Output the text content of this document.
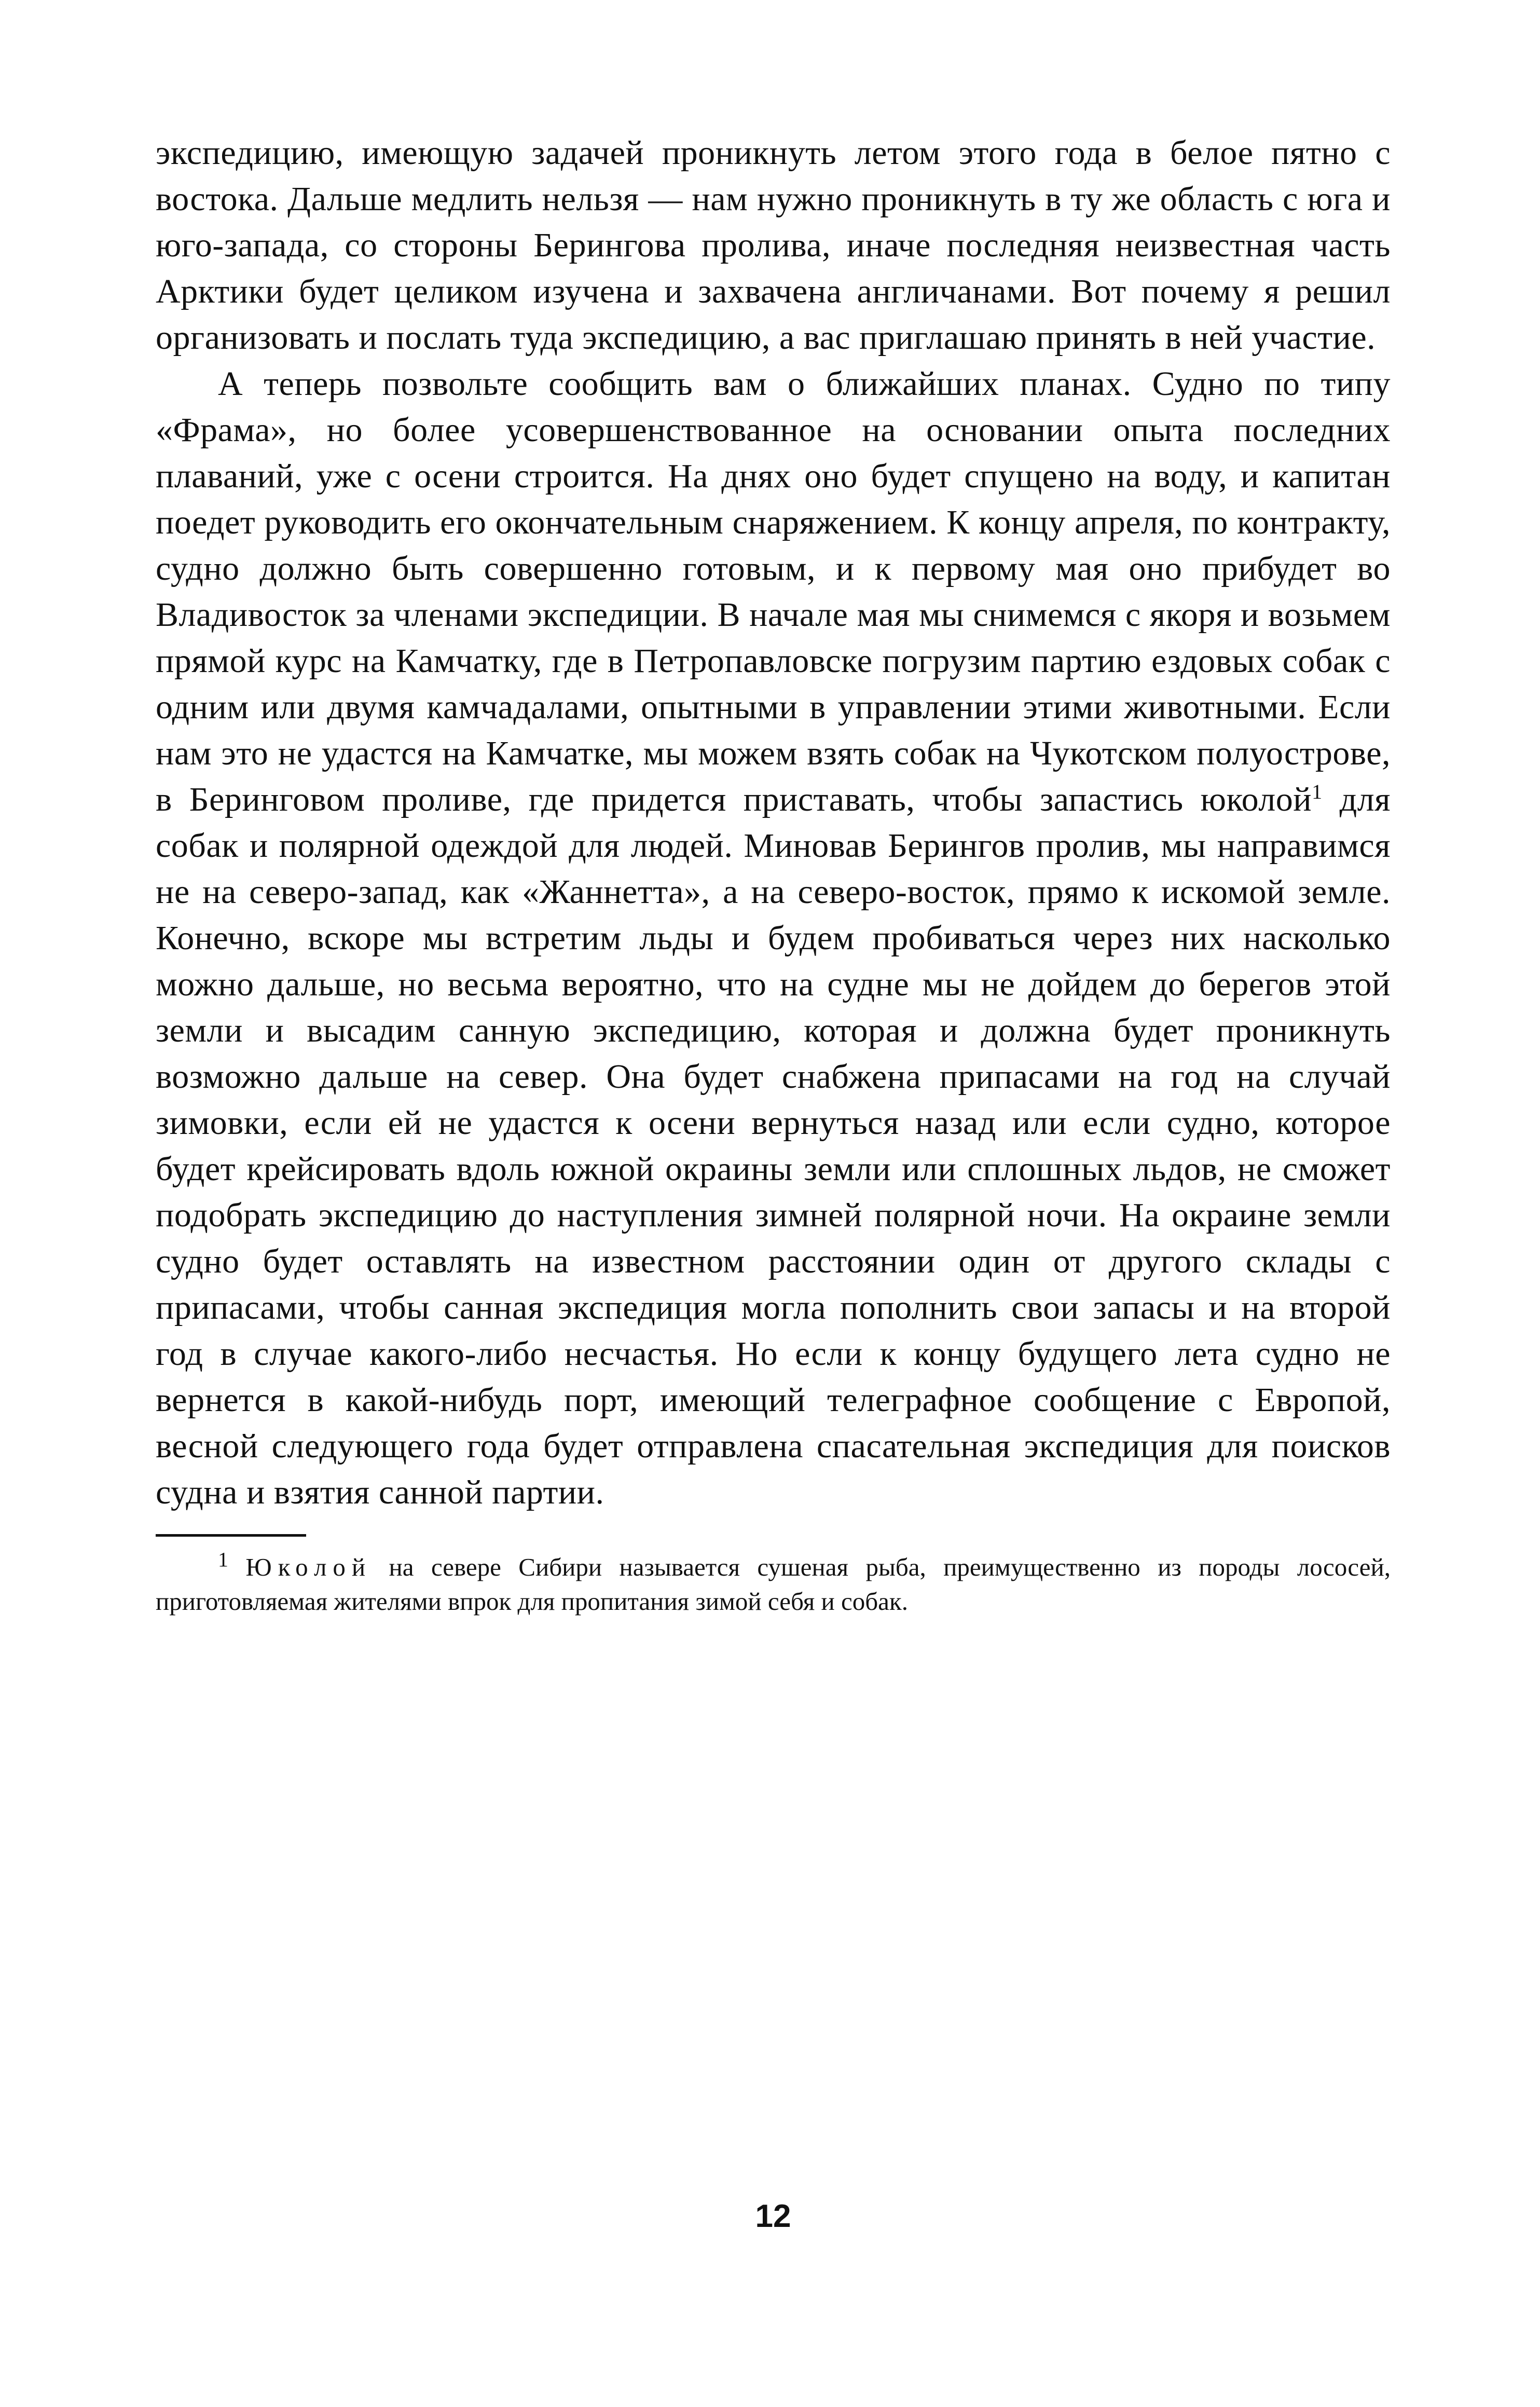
экспедицию, имеющую задачей проникнуть летом этого года в белое пятно с востока. Дальше медлить нельзя — нам нужно проникнуть в ту же область с юга и юго-запада, со стороны Берингова пролива, иначе последняя неизвестная часть Арктики будет целиком изучена и захвачена англичанами. Вот почему я решил организовать и послать туда экспедицию, а вас приглашаю принять в ней участие.

А теперь позвольте сообщить вам о ближайших планах. Судно по типу «Фрама», но более усовершенствованное на основании опыта последних плаваний, уже с осени строится. На днях оно будет спущено на воду, и капитан поедет руководить его окончательным снаряжением. К концу апреля, по контракту, судно должно быть совершенно готовым, и к первому мая оно прибудет во Владивосток за членами экспедиции. В начале мая мы снимемся с якоря и возьмем прямой курс на Камчатку, где в Петропавловске погрузим партию ездовых собак с одним или двумя камчадалами, опытными в управлении этими животными. Если нам это не удастся на Камчатке, мы можем взять собак на Чукотском полуострове, в Беринговом проливе, где придется приставать, чтобы запастись юколой$^1$ для собак и полярной одеждой для людей. Миновав Берингов пролив, мы направимся не на северо-запад, как «Жаннетта», а на северо-восток, прямо к искомой земле. Конечно, вскоре мы встретим льды и будем пробиваться через них насколько можно дальше, но весьма вероятно, что на судне мы не дойдем до берегов этой земли и высадим санную экспедицию, которая и должна будет проникнуть возможно дальше на север. Она будет снабжена припасами на год на случай зимовки, если ей не удастся к осени вернуться назад или если судно, которое будет крейсировать вдоль южной окраины земли или сплошных льдов, не сможет подобрать экспедицию до наступления зимней полярной ночи. На окраине земли судно будет оставлять на известном расстоянии один от другого склады с припасами, чтобы санная экспедиция могла пополнить свои запасы и на второй год в случае какого-либо несчастья. Но если к концу будущего лета судно не вернется в какой-нибудь порт, имеющий телеграфное сообщение с Европой, весной следующего года будет отправлена спасательная экспедиция для поисков судна и взятия санной партии.

$^1$ Юколой на севере Сибири называется сушеная рыба, преимущественно из породы лососей, приготовляемая жителями впрок для пропитания зимой себя и собак.

12
